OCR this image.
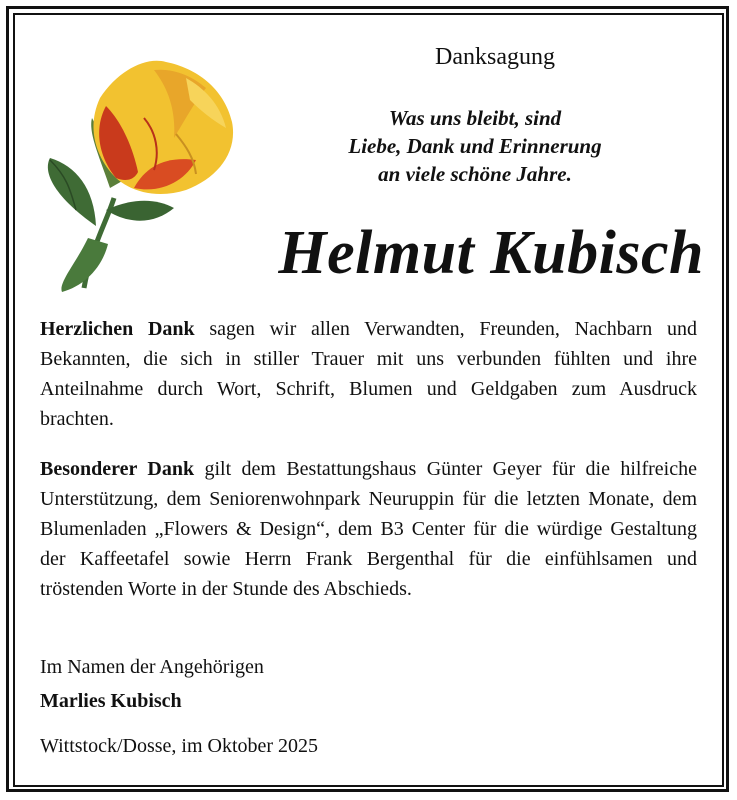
Danksagung
Was uns bleibt, sind
Liebe, Dank und Erinnerung
an viele schöne Jahre.
Helmut Kubisch

Herzlichen Dank sagen wir allen Verwandten, Freunden, Nachbarn und Bekannten, die sich in stiller Trauer mit uns verbunden fühlten und ihre Anteilnahme durch Wort, Schrift, Blumen und Geldgaben zum Ausdruck brachten.

Besonderer Dank gilt dem Bestattungshaus Günter Geyer für die hilfreiche Unterstützung, dem Seniorenwohnpark Neuruppin für die letzten Monate, dem Blumenladen „Flowers & Design“, dem B3 Center für die würdige Gestaltung der Kaffeetafel sowie Herrn Frank Bergenthal für die einfühlsamen und tröstenden Worte in der Stunde des Abschieds.

Im Namen der Angehörigen
Marlies Kubisch
Wittstock/Dosse, im Oktober 2025
